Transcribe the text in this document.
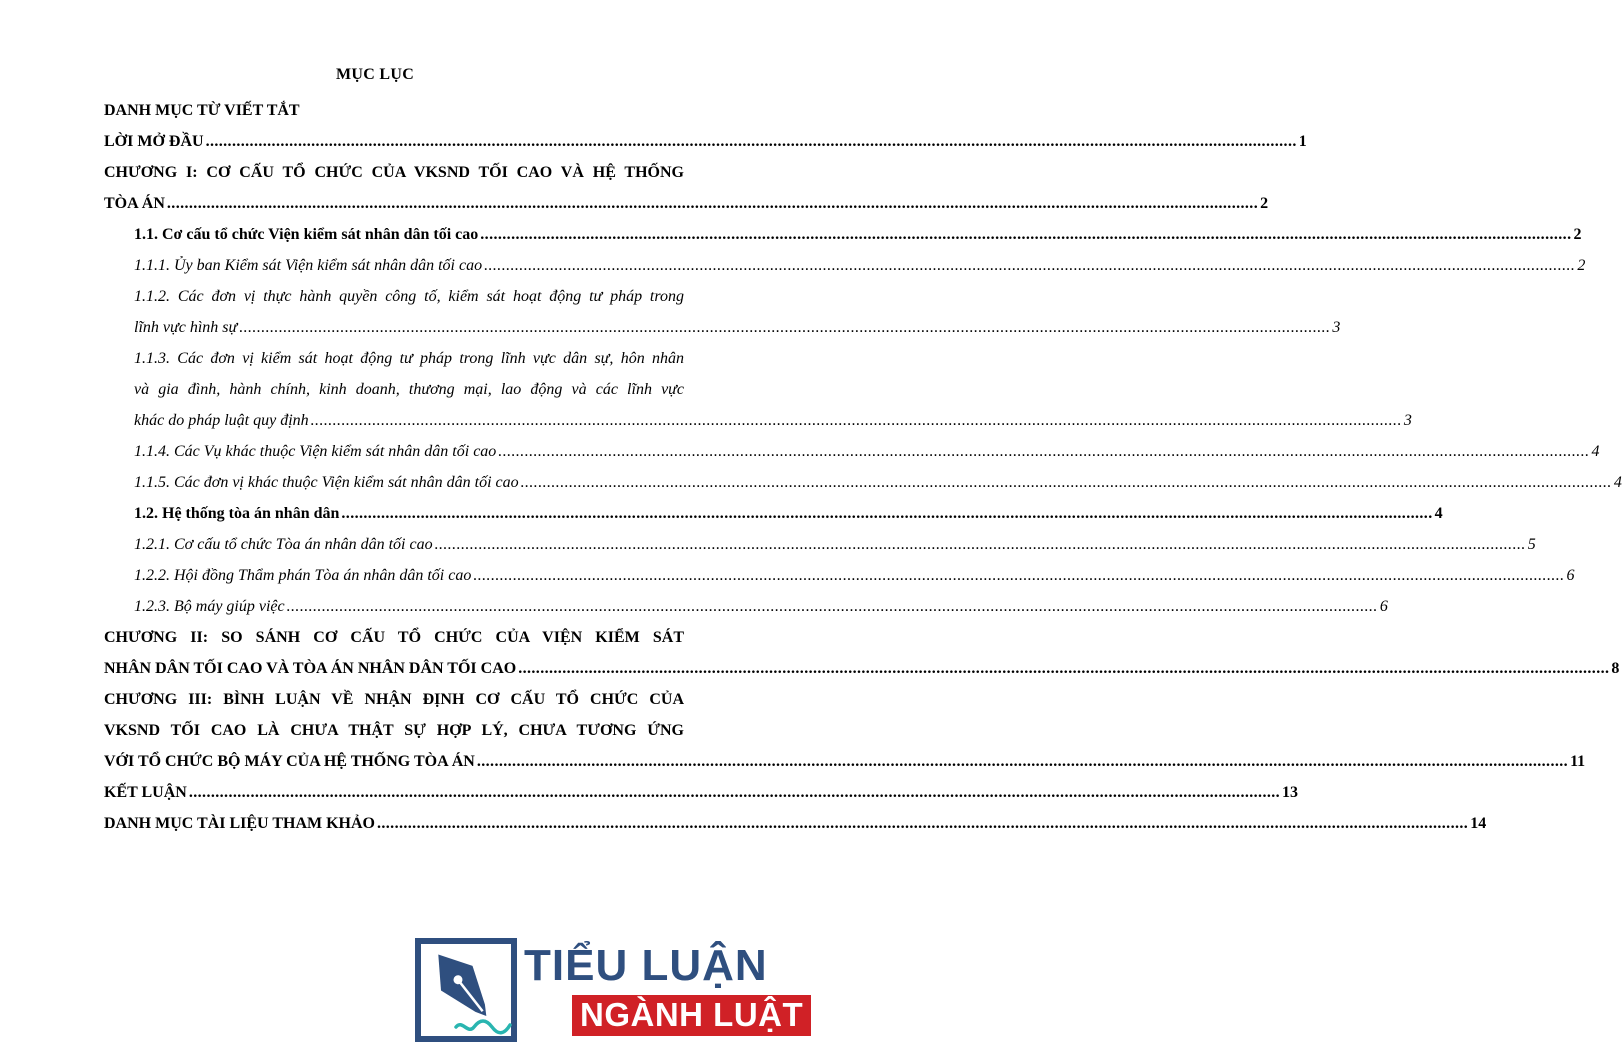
MỤC LỤC
DANH MỤC TỪ VIẾT TẮT
LỜI MỞ ĐẦU .....	1
CHƯƠNG I: CƠ CẤU TỔ CHỨC CỦA VKSND TỐI CAO VÀ HỆ THỐNG
TÒA ÁN .....	2
1.1. Cơ cấu tổ chức Viện kiểm sát nhân dân tối cao .....	2
1.1.1. Ủy ban Kiểm sát Viện kiểm sát nhân dân tối cao .....	2
1.1.2. Các đơn vị thực hành quyền công tố, kiểm sát hoạt động tư pháp trong
lĩnh vực hình sự .....	3
1.1.3. Các đơn vị kiểm sát hoạt động tư pháp trong lĩnh vực dân sự, hôn nhân
và gia đình, hành chính, kinh doanh, thương mại, lao động và các lĩnh vực
khác do pháp luật quy định .....	3
1.1.4. Các Vụ khác thuộc Viện kiểm sát nhân dân tối cao .....	4
1.1.5. Các đơn vị khác thuộc Viện kiểm sát nhân dân tối cao .....	4
1.2. Hệ thống tòa án nhân dân .....	4
1.2.1. Cơ cấu tổ chức Tòa án nhân dân tối cao .....	5
1.2.2. Hội đồng Thẩm phán Tòa án nhân dân tối cao .....	6
1.2.3. Bộ máy giúp việc .....	6
CHƯƠNG II: SO SÁNH CƠ CẤU TỔ CHỨC CỦA VIỆN KIỂM SÁT
NHÂN DÂN TỐI CAO VÀ TÒA ÁN NHÂN DÂN TỐI CAO .....	8
CHƯƠNG III: BÌNH LUẬN VỀ NHẬN ĐỊNH CƠ CẤU TỔ CHỨC CỦA
VKSND TỐI CAO LÀ CHƯA THẬT SỰ HỢP LÝ, CHƯA TƯƠNG ỨNG
VỚI TỔ CHỨC BỘ MÁY CỦA HỆ THỐNG TÒA ÁN .....	11
KẾT LUẬN .....	13
DANH MỤC TÀI LIỆU THAM KHẢO .....	14
TIỂU LUẬN
NGÀNH LUẬT
